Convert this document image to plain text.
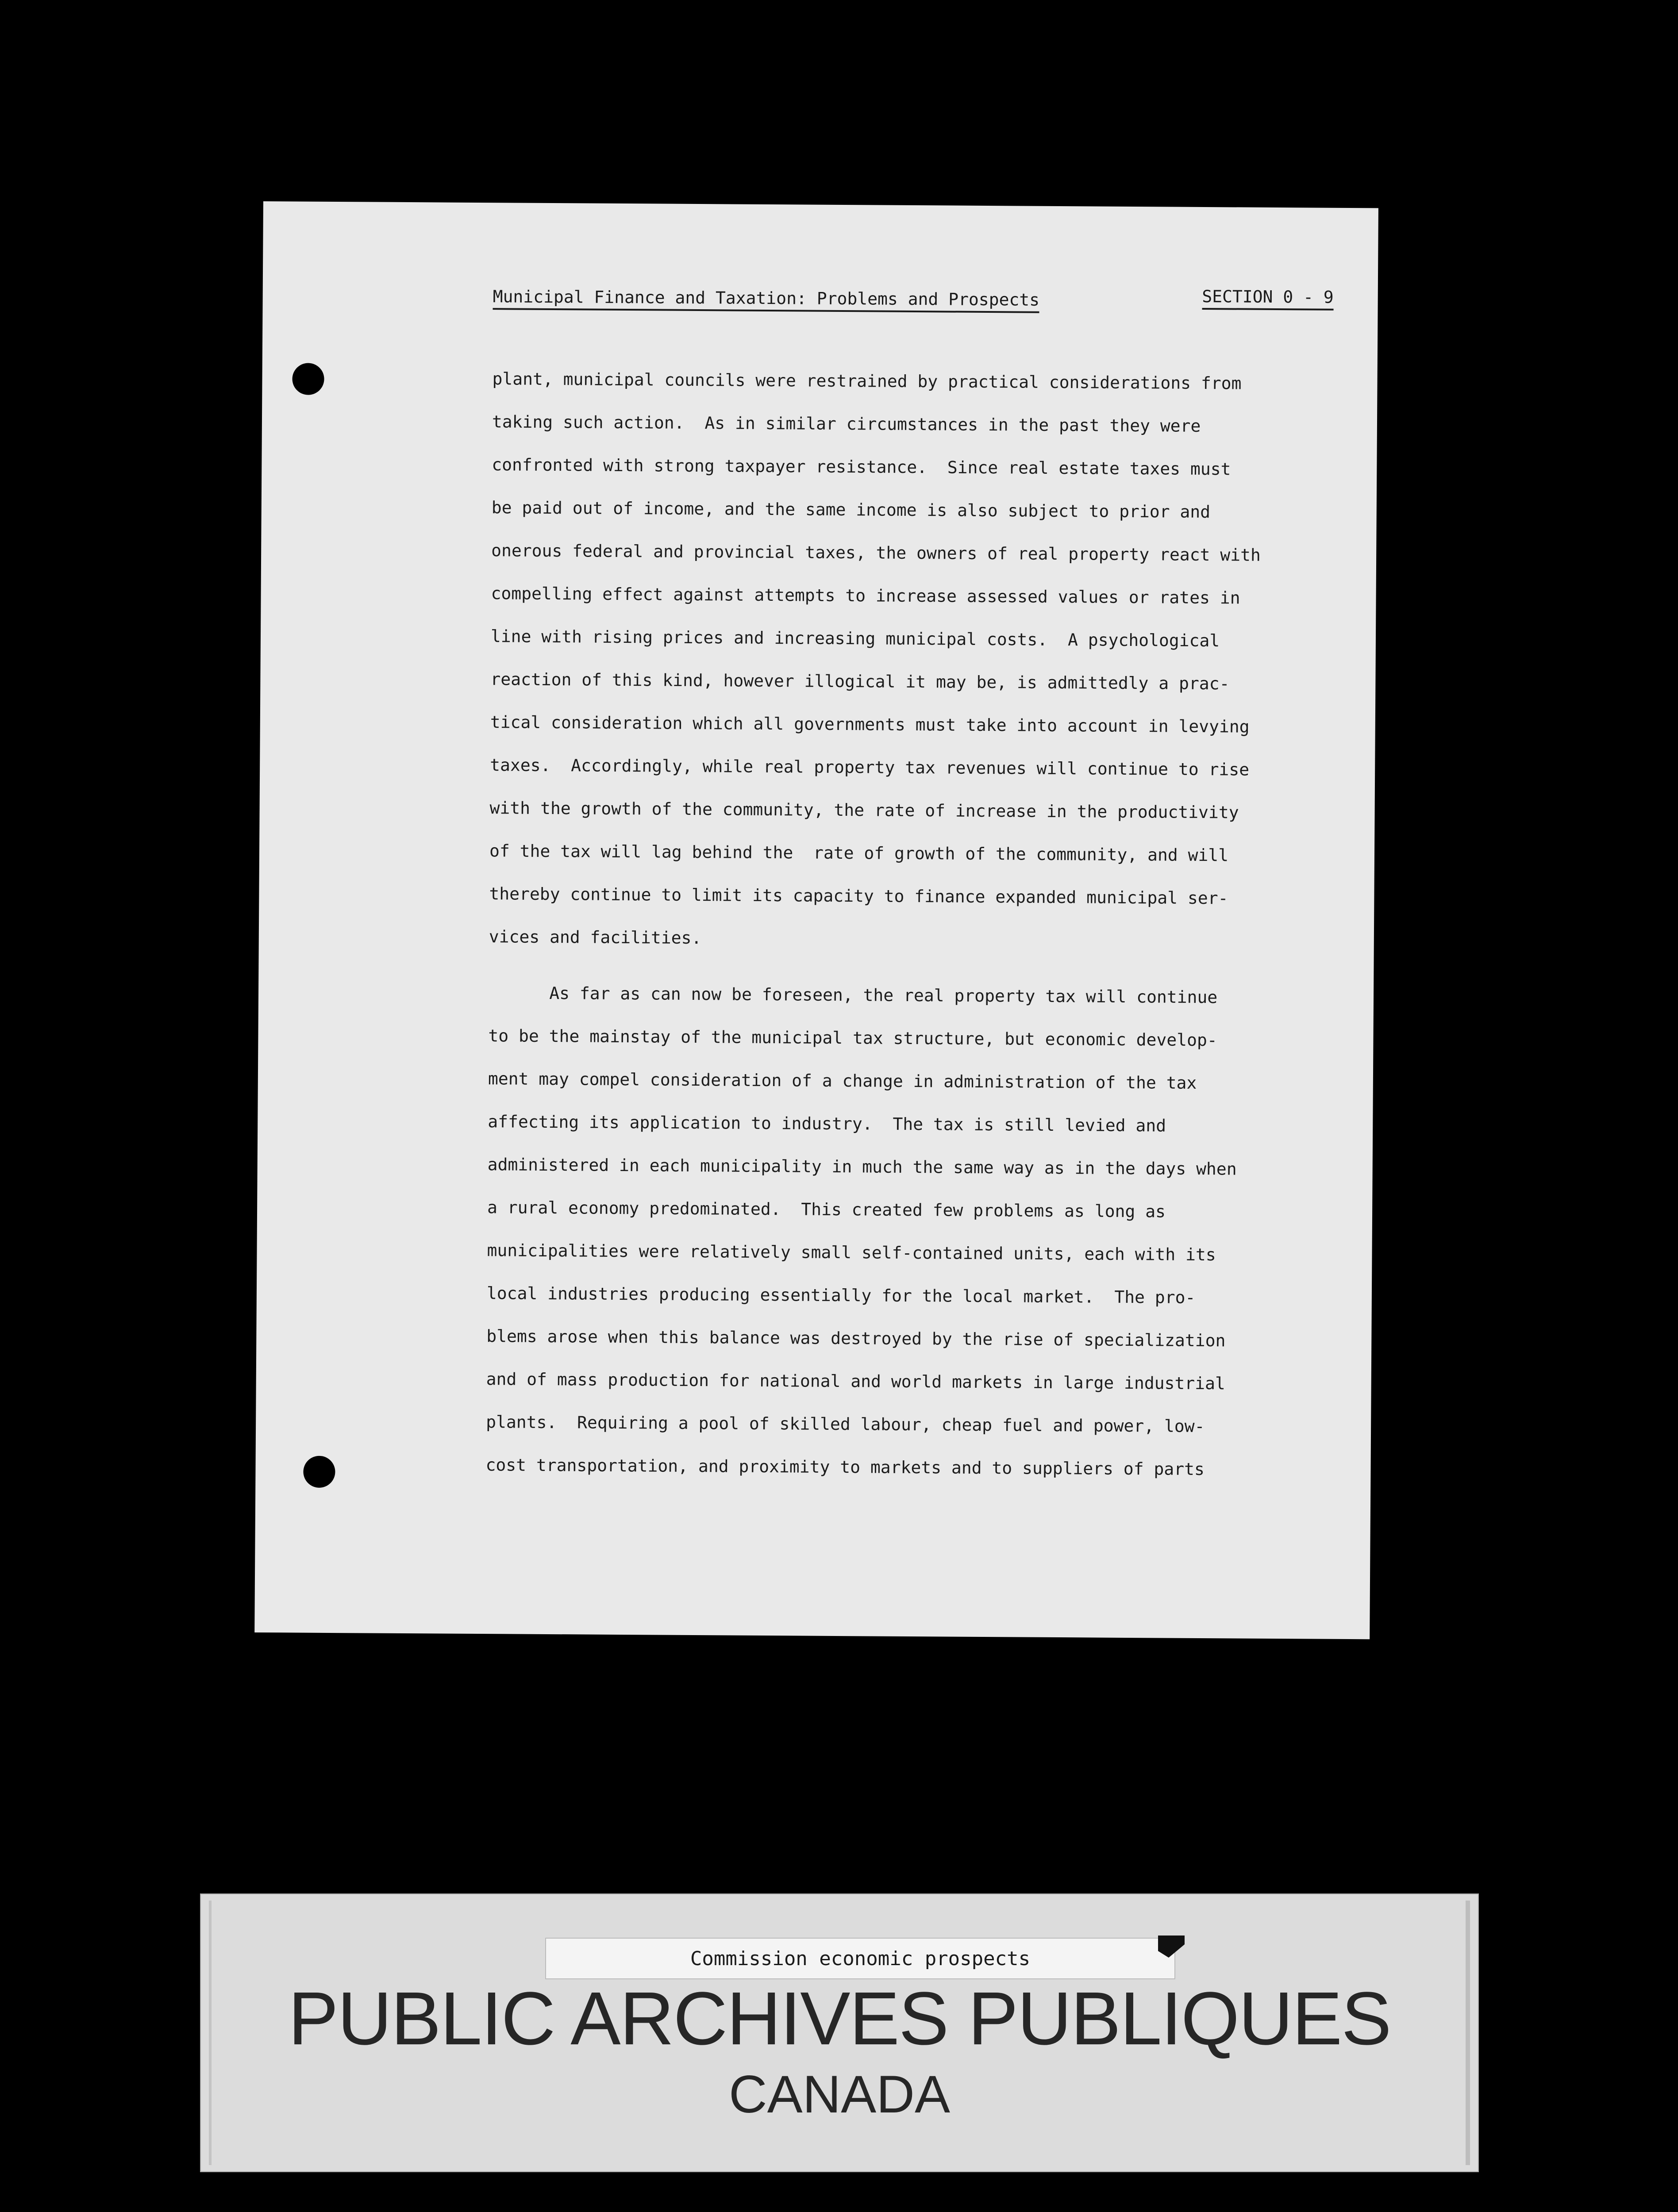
Municipal Finance and Taxation: Problems and Prospects	SECTION 0 - 9
plant, municipal councils were restrained by practical considerations from
taking such action.  As in similar circumstances in the past they were
confronted with strong taxpayer resistance.  Since real estate taxes must
be paid out of income, and the same income is also subject to prior and
onerous federal and provincial taxes, the owners of real property react with
compelling effect against attempts to increase assessed values or rates in
line with rising prices and increasing municipal costs.  A psychological
reaction of this kind, however illogical it may be, is admittedly a prac-
tical consideration which all governments must take into account in levying
taxes.  Accordingly, while real property tax revenues will continue to rise
with the growth of the community, the rate of increase in the productivity
of the tax will lag behind the  rate of growth of the community, and will
thereby continue to limit its capacity to finance expanded municipal ser-
vices and facilities.
As far as can now be foreseen, the real property tax will continue
to be the mainstay of the municipal tax structure, but economic develop-
ment may compel consideration of a change in administration of the tax
affecting its application to industry.  The tax is still levied and
administered in each municipality in much the same way as in the days when
a rural economy predominated.  This created few problems as long as
municipalities were relatively small self-contained units, each with its
local industries producing essentially for the local market.  The pro-
blems arose when this balance was destroyed by the rise of specialization
and of mass production for national and world markets in large industrial
plants.  Requiring a pool of skilled labour, cheap fuel and power, low-
cost transportation, and proximity to markets and to suppliers of parts
Commission economic prospects
PUBLIC ARCHIVES PUBLIQUES
CANADA
